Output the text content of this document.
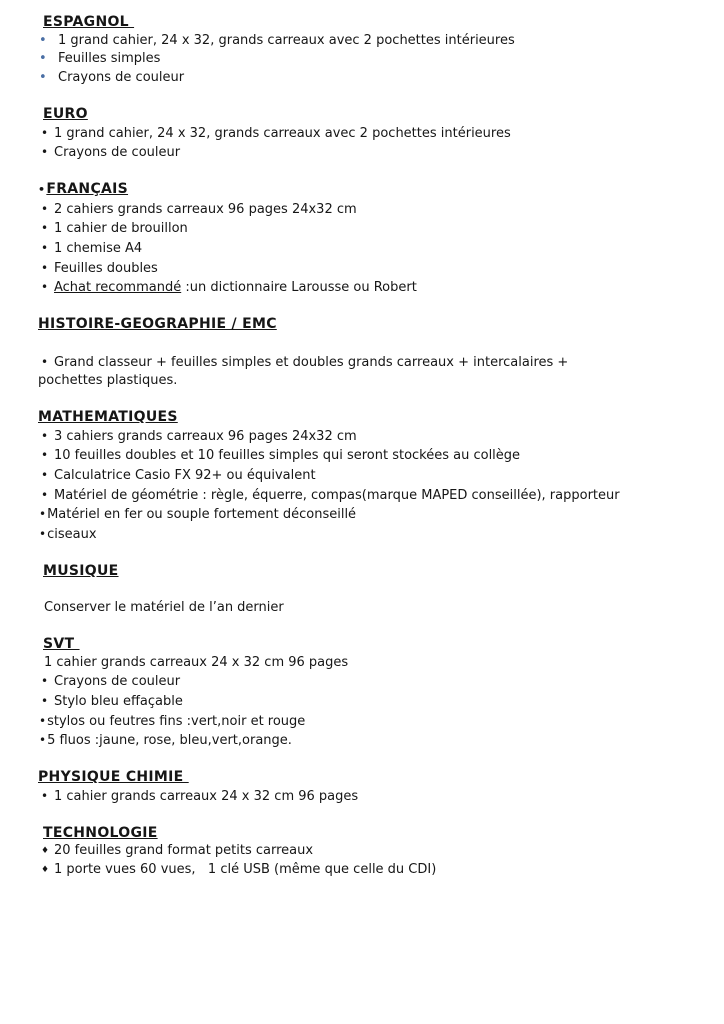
ESPAGNOL
• 1 grand cahier, 24 x 32, grands carreaux avec 2 pochettes intérieures
• Feuilles simples
• Crayons de couleur
EURO
• 1 grand cahier, 24 x 32, grands carreaux avec 2 pochettes intérieures
• Crayons de couleur
•FRANÇAIS
• 2 cahiers grands carreaux 96 pages 24x32 cm
• 1 cahier de brouillon
• 1 chemise A4
• Feuilles doubles
• Achat recommandé :un dictionnaire Larousse ou Robert
HISTOIRE-GEOGRAPHIE / EMC
• Grand classeur + feuilles simples et doubles grands carreaux + intercalaires +
pochettes plastiques.
MATHEMATIQUES
• 3 cahiers grands carreaux 96 pages 24x32 cm
• 10 feuilles doubles et 10 feuilles simples qui seront stockées au collège
• Calculatrice Casio FX 92+ ou équivalent
• Matériel de géométrie : règle, équerre, compas(marque MAPED conseillée), rapporteur
•Matériel en fer ou souple fortement déconseillé
•ciseaux
MUSIQUE
Conserver le matériel de l’an dernier
SVT
1 cahier grands carreaux 24 x 32 cm 96 pages
• Crayons de couleur
• Stylo bleu effaçable
•stylos ou feutres fins :vert,noir et rouge
•5 fluos :jaune, rose, bleu,vert,orange.
PHYSIQUE CHIMIE
• 1 cahier grands carreaux 24 x 32 cm 96 pages
TECHNOLOGIE
♦ 20 feuilles grand format petits carreaux
♦ 1 porte vues 60 vues,   1 clé USB (même que celle du CDI)
